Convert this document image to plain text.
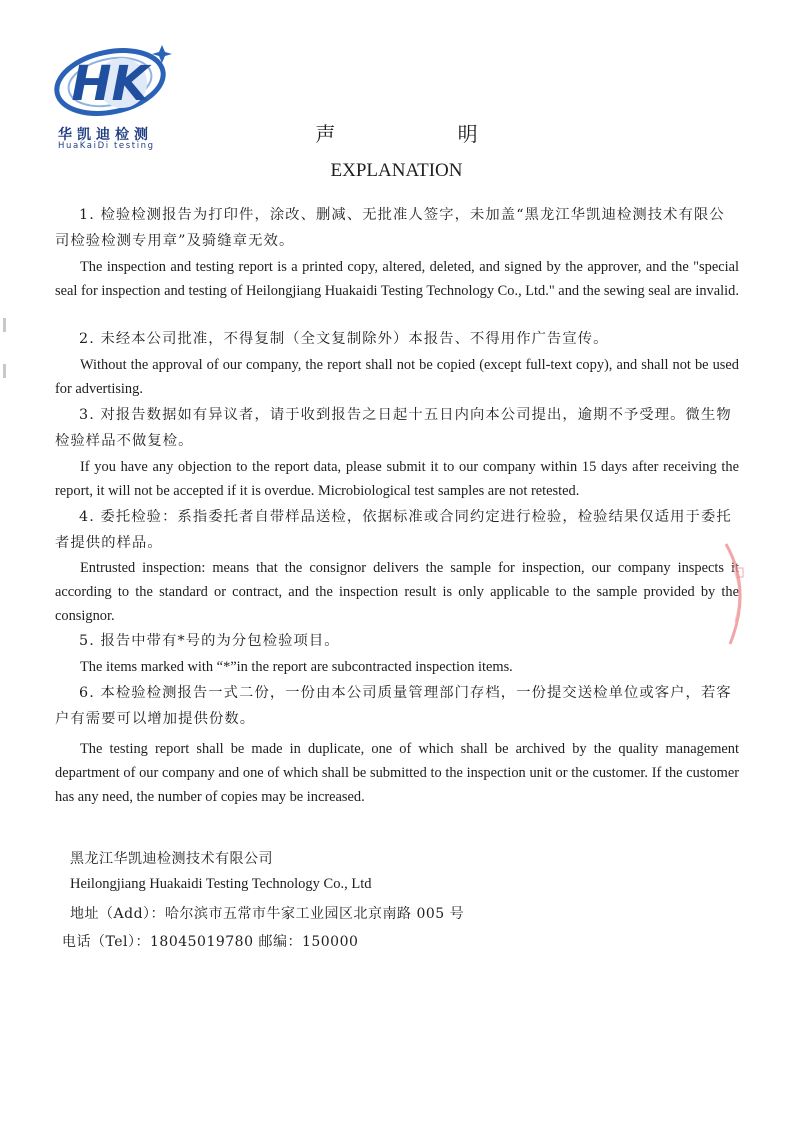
HK
华凯迪检测
HuaKaiDi testing	声 明
EXPLANATION

1. 检验检测报告为打印件，涂改、删减、无批准人签字，未加盖“黑龙江华凯迪检测技术有限公司检验检测专用章”及骑缝章无效。

The inspection and testing report is a printed copy, altered, deleted, and signed by the approver, and the "special seal for inspection and testing of Heilongjiang Huakaidi Testing Technology Co., Ltd." and the sewing seal are invalid.

2. 未经本公司批准，不得复制（全文复制除外）本报告、不得用作广告宣传。

Without the approval of our company, the report shall not be copied (except full-text copy), and shall not be used for advertising.

3. 对报告数据如有异议者，请于收到报告之日起十五日内向本公司提出，逾期不予受理。微生物检验样品不做复检。

If you have any objection to the report data, please submit it to our company within 15 days after receiving the report, it will not be accepted if it is overdue. Microbiological test samples are not retested.

4. 委托检验：系指委托者自带样品送检，依据标准或合同约定进行检验，检验结果仅适用于委托者提供的样品。

Entrusted inspection: means that the consignor delivers the sample for inspection, our company inspects it according to the standard or contract, and the inspection result is only applicable to the sample provided by the consignor.

5. 报告中带有*号的为分包检验项目。

The items marked with “*”in the report are subcontracted inspection items.

6. 本检验检测报告一式二份，一份由本公司质量管理部门存档，一份提交送检单位或客户，若客户有需要可以增加提供份数。

The testing report shall be made in duplicate, one of which shall be archived by the quality management department of our company and one of which shall be submitted to the inspection unit or the customer. If the customer has any need, the number of copies may be increased.

黑龙江华凯迪检测技术有限公司

Heilongjiang Huakaidi Testing Technology Co., Ltd

地址（Add）：哈尔滨市五常市牛家工业园区北京南路 005 号

电话（Tel）：18045019780 邮编：150000
